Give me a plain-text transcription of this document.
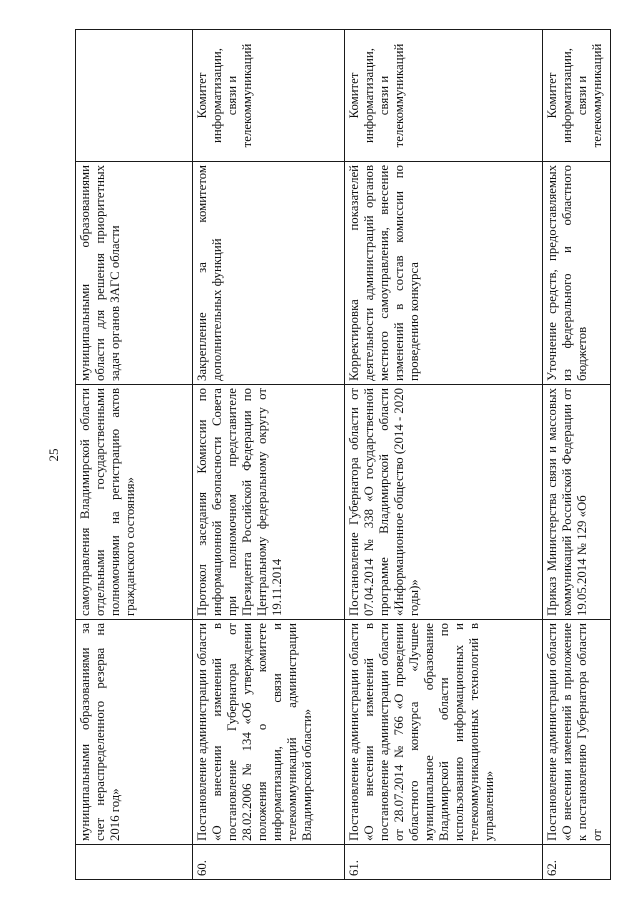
25
	муниципальными образованиями за счет нераспределенного резерва на 2016 год»	самоуправления Владимирской области отдельными государственными полномочиями на регистрацию актов гражданского состояния»	муниципальными образованиями области для решения приоритетных задач органов ЗАГС области	
60.	Постановление администрации области «О внесении изменений в постановление Губернатора от 28.02.2006 № 134 «Об утверждении положения о комитете информатизации, связи и телекоммуникаций администрации Владимирской области»	Протокол заседания Комиссии по информационной безопасности Совета при полномочном представителе Президента Российской Федерации по Центральному федеральному округу от 19.11.2014	Закрепление за комитетом дополнительных функций	Комитет информатизации, связи и телекоммуникаций
61.	Постановление администрации области «О внесении изменений в постановление администрации области от 28.07.2014 № 766 «О проведении областного конкурса «Лучшее муниципальное образование Владимирской области по использованию информационных и телекоммуникационных технологий в управлении»	Постановление Губернатора области от 07.04.2014 № 338 «О государственной программе Владимирской области «Информационное общество (2014 - 2020 годы)»	Корректировка показателей деятельности администраций органов местного самоуправления, внесение изменений в состав комиссии по проведению конкурса	Комитет информатизации, связи и телекоммуникаций
62.	Постановление администрации области «О внесении изменений в приложение к постановлению Губернатора области от	Приказ Министерства связи и массовых коммуникаций Российской Федерации от 19.05.2014 № 129 «Об	Уточнение средств, предоставляемых из федерального и областного бюджетов	Комитет информатизации, связи и телекоммуникаций
